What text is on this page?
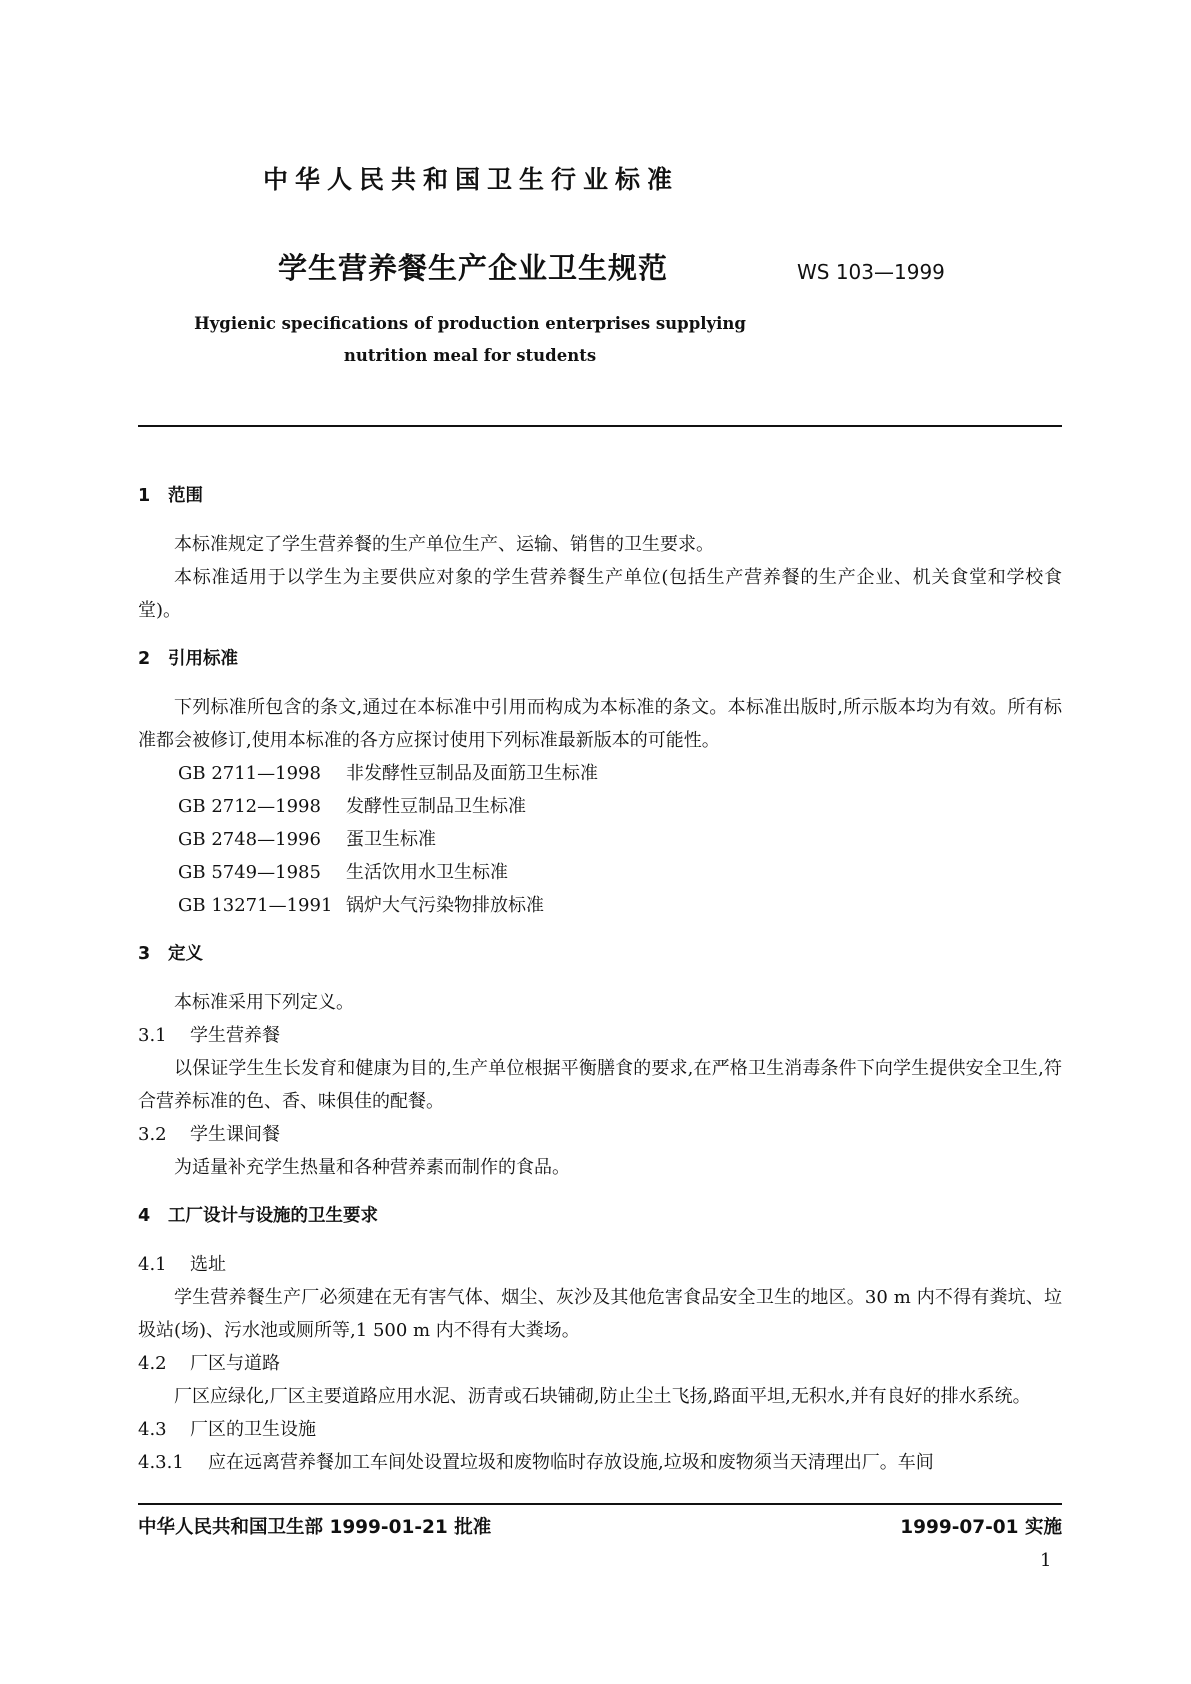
中华人民共和国卫生行业标准
学生营养餐生产企业卫生规范	WS 103—1999
Hygienic specifications of production enterprises supplying
nutrition meal for students
1 范围

本标准规定了学生营养餐的生产单位生产、运输、销售的卫生要求。

本标准适用于以学生为主要供应对象的学生营养餐生产单位(包括生产营养餐的生产企业、机关食堂和学校食堂)。

2 引用标准

下列标准所包含的条文,通过在本标准中引用而构成为本标准的条文。本标准出版时,所示版本均为有效。所有标准都会被修订,使用本标准的各方应探讨使用下列标准最新版本的可能性。

GB 2711—1998 非发酵性豆制品及面筋卫生标准
GB 2712—1998 发酵性豆制品卫生标准
GB 2748—1996 蛋卫生标准
GB 5749—1985 生活饮用水卫生标准
GB 13271—1991 锅炉大气污染物排放标准
3 定义

本标准采用下列定义。

3.1 学生营养餐

以保证学生生长发育和健康为目的,生产单位根据平衡膳食的要求,在严格卫生消毒条件下向学生提供安全卫生,符合营养标准的色、香、味俱佳的配餐。

3.2 学生课间餐

为适量补充学生热量和各种营养素而制作的食品。

4 工厂设计与设施的卫生要求
4.1 选址

学生营养餐生产厂必须建在无有害气体、烟尘、灰沙及其他危害食品安全卫生的地区。30 m 内不得有粪坑、垃圾站(场)、污水池或厕所等,1 500 m 内不得有大粪场。

4.2 厂区与道路

厂区应绿化,厂区主要道路应用水泥、沥青或石块铺砌,防止尘土飞扬,路面平坦,无积水,并有良好的排水系统。

4.3 厂区的卫生设施
4.3.1 应在远离营养餐加工车间处设置垃圾和废物临时存放设施,垃圾和废物须当天清理出厂。车间
中华人民共和国卫生部 1999-01-21 批准	1999-07-01 实施
1
